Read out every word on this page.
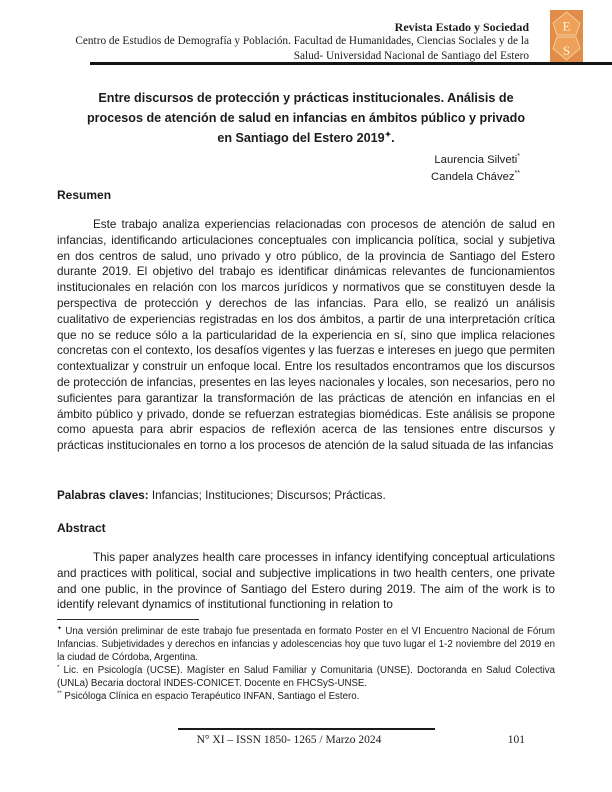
Revista Estado y Sociedad
Centro de Estudios de Demografía y Población. Facultad de Humanidades, Ciencias Sociales y de la
Salud- Universidad Nacional de Santiago del Estero
E
S
Entre discursos de protección y prácticas institucionales. Análisis de
procesos de atención de salud en infancias en ámbitos público y privado
en Santiago del Estero 2019✦.
Laurencia Silveti*
Candela Chávez**
Resumen
Este trabajo analiza experiencias relacionadas con procesos de atención de salud en infancias, identificando articulaciones conceptuales con implicancia política, social y subjetiva en dos centros de salud, uno privado y otro público, de la provincia de Santiago del Estero durante 2019. El objetivo del trabajo es identificar dinámicas relevantes de funcionamientos institucionales en relación con los marcos jurídicos y normativos que se constituyen desde la perspectiva de protección y derechos de las infancias. Para ello, se realizó un análisis cualitativo de experiencias registradas en los dos ámbitos, a partir de una interpretación crítica que no se reduce sólo a la particularidad de la experiencia en sí, sino que implica relaciones concretas con el contexto, los desafíos vigentes y las fuerzas e intereses en juego que permiten contextualizar y construir un enfoque local. Entre los resultados encontramos que los discursos de protección de infancias, presentes en las leyes nacionales y locales, son necesarios, pero no suficientes para garantizar la transformación de las prácticas de atención en infancias en el ámbito público y privado, donde se refuerzan estrategias biomédicas. Este análisis se propone como apuesta para abrir espacios de reflexión acerca de las tensiones entre discursos y prácticas institucionales en torno a los procesos de atención de la salud situada de las infancias
Palabras claves: Infancias; Instituciones; Discursos; Prácticas.
Abstract
This paper analyzes health care processes in infancy identifying conceptual articulations and practices with political, social and subjective implications in two health centers, one private and one public, in the province of Santiago del Estero during 2019. The aim of the work is to identify relevant dynamics of institutional functioning in relation to
✦ Una versión preliminar de este trabajo fue presentada en formato Poster en el VI Encuentro Nacional de Fórum Infancias. Subjetividades y derechos en infancias y adolescencias hoy que tuvo lugar el 1-2 noviembre del 2019 en la ciudad de Córdoba, Argentina.
* Lic. en Psicología (UCSE). Magíster en Salud Familiar y Comunitaria (UNSE). Doctoranda en Salud Colectiva (UNLa) Becaria doctoral INDES-CONICET. Docente en FHCSyS-UNSE.
** Psicóloga Clínica en espacio Terapéutico INFAN, Santiago el Estero.
N° XI – ISSN 1850- 1265 / Marzo 2024	101
